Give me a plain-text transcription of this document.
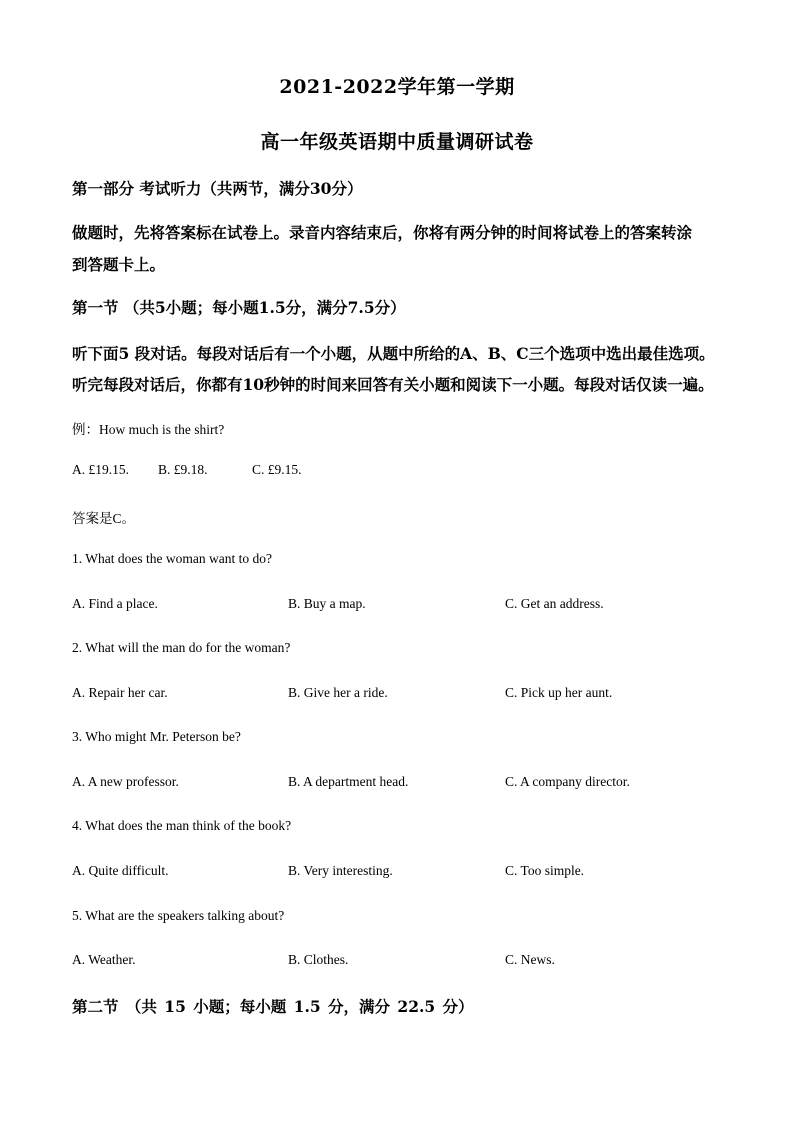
2021-2022学年第一学期
高一年级英语期中质量调研试卷
第一部分 考试听力（共两节，满分30分）
做题时，先将答案标在试卷上。录音内容结束后，你将有两分钟的时间将试卷上的答案转涂
到答题卡上。
第一节 （共5小题；每小题1.5分，满分7.5分）
听下面5 段对话。每段对话后有一个小题，从题中所给的A、B、C三个选项中选出最佳选项。
听完每段对话后，你都有10秒钟的时间来回答有关小题和阅读下一小题。每段对话仅读一遍。
例：How much is the shirt?
A. £19.15. B. £9.18.	C. £9.15.
答案是C。
1. What does the woman want to do?
A. Find a place.	B. Buy a map.	C. Get an address.
2. What will the man do for the woman?
A. Repair her car.	B. Give her a ride.	C. Pick up her aunt.
3. Who might Mr. Peterson be?
A. A new professor.	B. A department head.	C. A company director.
4. What does the man think of the book?
A. Quite difficult.	B. Very interesting.	C. Too simple.
5. What are the speakers talking about?
A. Weather.	B. Clothes.	C. News.
第二节 （共 15 小题；每小题 1.5 分，满分 22.5 分）
